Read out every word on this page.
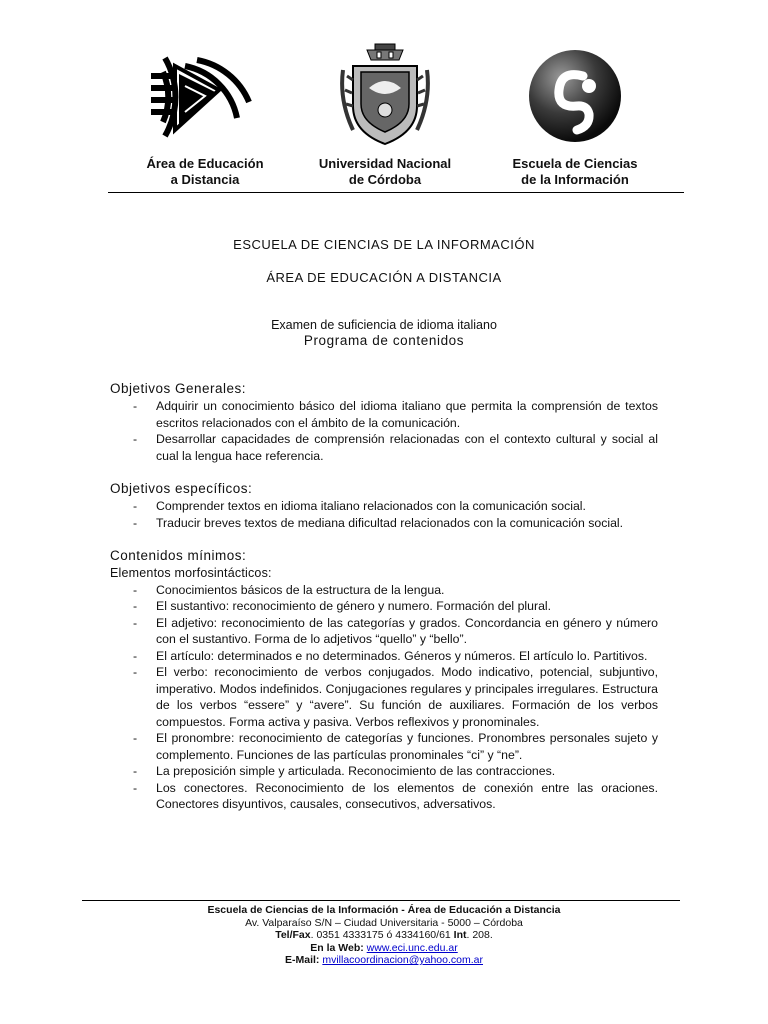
Área de Educación
a Distancia
Universidad Nacional
de Córdoba
Escuela de Ciencias
de la Información
ESCUELA DE CIENCIAS DE LA INFORMACIÓN
ÁREA DE EDUCACIÓN A DISTANCIA
Examen de suficiencia de idioma italiano
Programa de contenidos
Objetivos Generales:
- Adquirir un conocimiento básico del idioma italiano que permita la comprensión de textos escritos relacionados con el ámbito de la comunicación.
- Desarrollar capacidades de comprensión relacionadas con el contexto cultural y social al cual la lengua hace referencia.
Objetivos específicos:
- Comprender textos en idioma italiano relacionados con la comunicación social.
- Traducir breves textos de mediana dificultad relacionados con la comunicación social.
Contenidos mínimos:
Elementos morfosintácticos:
- Conocimientos básicos de la estructura de la lengua.
- El sustantivo: reconocimiento de género y numero. Formación del plural.
- El adjetivo: reconocimiento de las categorías y grados. Concordancia en género y número con el sustantivo. Forma de lo adjetivos “quello” y “bello”.
- El artículo: determinados e no determinados. Géneros y números. El artículo lo. Partitivos.
- El verbo: reconocimiento de verbos conjugados. Modo indicativo, potencial, subjuntivo, imperativo. Modos indefinidos. Conjugaciones regulares y principales irregulares. Estructura de los verbos “essere” y “avere”. Su función de auxiliares. Formación de los verbos compuestos. Forma activa y pasiva. Verbos reflexivos y pronominales.
- El pronombre: reconocimiento de categorías y funciones. Pronombres personales sujeto y complemento. Funciones de las partículas pronominales “ci” y “ne”.
- La preposición simple y articulada. Reconocimiento de las contracciones.
- Los conectores. Reconocimiento de los elementos de conexión entre las oraciones. Conectores disyuntivos, causales, consecutivos, adversativos.
Escuela de Ciencias de la Información - Área de Educación a Distancia
Av. Valparaíso S/N – Ciudad Universitaria - 5000 – Córdoba
Tel/Fax. 0351 4333175 ó 4334160/61 Int. 208.
En la Web: www.eci.unc.edu.ar
E-Mail: mvillacoordinacion@yahoo.com.ar
